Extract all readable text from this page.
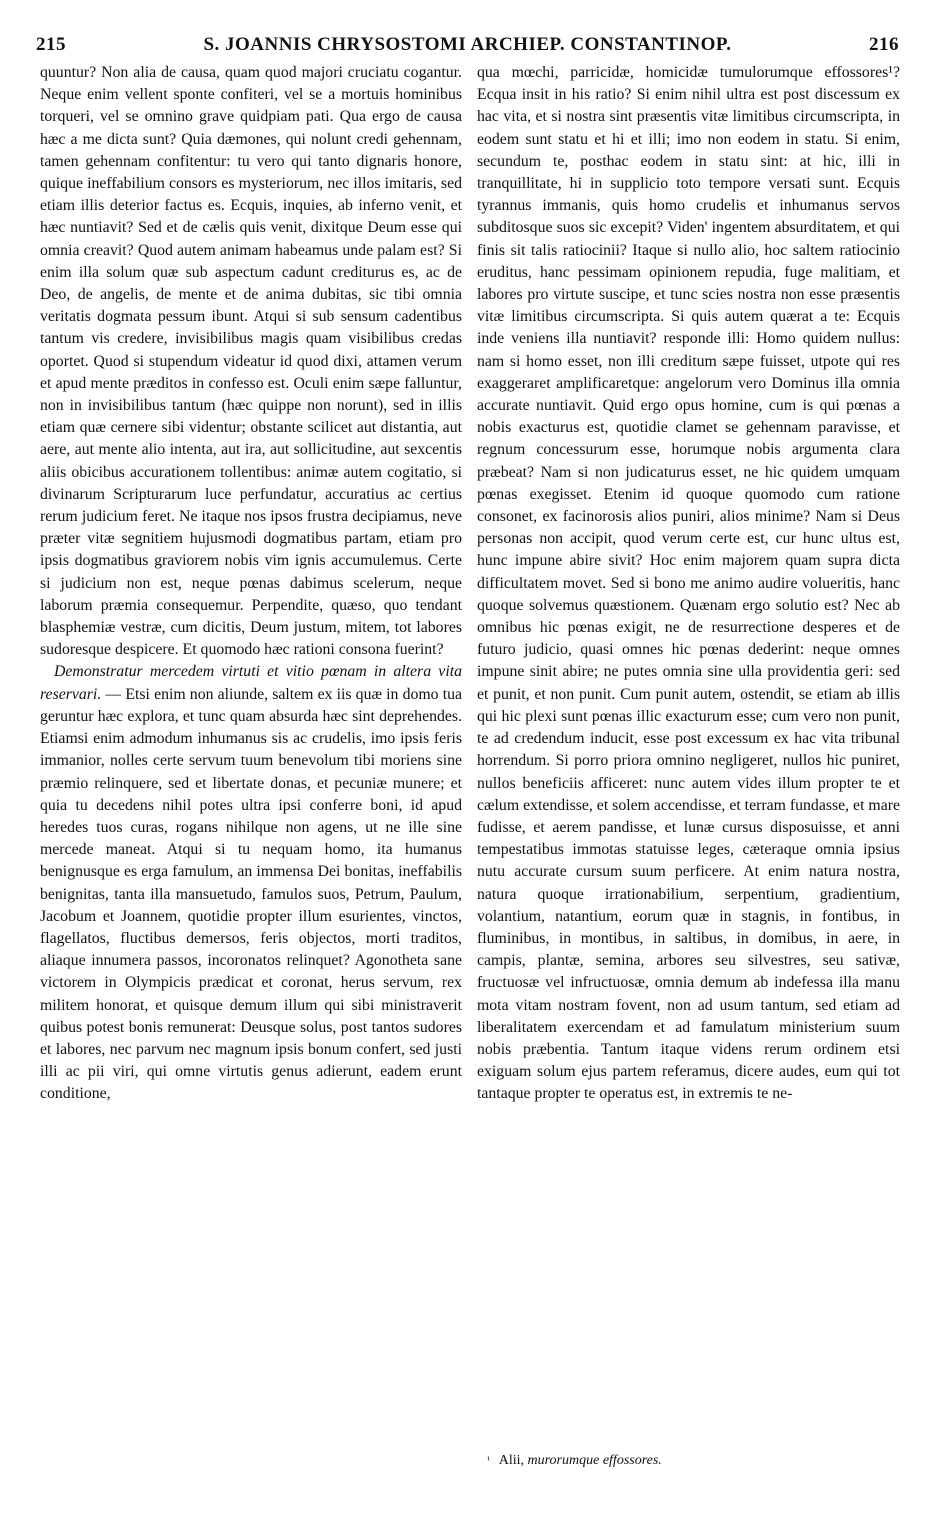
215	S. JOANNIS CHRYSOSTOMI ARCHIEP. CONSTANTINOP.	216

quuntur? Non alia de causa, quam quod majori cruciatu cogantur. Neque enim vellent sponte confiteri, vel se a mortuis hominibus torqueri, vel se omnino grave quidpiam pati. Qua ergo de causa hæc a me dicta sunt? Quia dæmones, qui nolunt credi gehennam, tamen gehennam confitentur: tu vero qui tanto dignaris honore, quique ineffabilium consors es mysteriorum, nec illos imitaris, sed etiam illis deterior factus es. Ecquis, inquies, ab inferno venit, et hæc nuntiavit? Sed et de cælis quis venit, dixitque Deum esse qui omnia creavit? Quod autem animam habeamus unde palam est? Si enim illa solum quæ sub aspectum cadunt crediturus es, ac de Deo, de angelis, de mente et de anima dubitas, sic tibi omnia veritatis dogmata pessum ibunt. Atqui si sub sensum cadentibus tantum vis credere, invisibilibus magis quam visibilibus credas oportet. Quod si stupendum videatur id quod dixi, attamen verum et apud mente præditos in confesso est. Oculi enim sæpe falluntur, non in invisibilibus tantum (hæc quippe non norunt), sed in illis etiam quæ cernere sibi videntur; obstante scilicet aut distantia, aut aere, aut mente alio intenta, aut ira, aut sollicitudine, aut sexcentis aliis obicibus accurationem tollentibus: animæ autem cogitatio, si divinarum Scripturarum luce perfundatur, accuratius ac certius rerum judicium feret. Ne itaque nos ipsos frustra decipiamus, neve præter vitæ segnitiem hujusmodi dogmatibus partam, etiam pro ipsis dogmatibus graviorem nobis vim ignis accumulemus. Certe si judicium non est, neque pœnas dabimus scelerum, neque laborum præmia consequemur. Perpendite, quæso, quo tendant blasphemiæ vestræ, cum dicitis, Deum justum, mitem, tot labores sudoresque despicere. Et quomodo hæc rationi consona fuerint?

Demonstratur mercedem virtuti et vitio pœnam in altera vita reservari. — Etsi enim non aliunde, saltem ex iis quæ in domo tua geruntur hæc explora, et tunc quam absurda hæc sint deprehendes. Etiamsi enim admodum inhumanus sis ac crudelis, imo ipsis feris immanior, nolles certe servum tuum benevolum tibi moriens sine præmio relinquere, sed et libertate donas, et pecuniæ munere; et quia tu decedens nihil potes ultra ipsi conferre boni, id apud heredes tuos curas, rogans nihilque non agens, ut ne ille sine mercede maneat. Atqui si tu nequam homo, ita humanus benignusque es erga famulum, an immensa Dei bonitas, ineffabilis benignitas, tanta illa mansuetudo, famulos suos, Petrum, Paulum, Jacobum et Joannem, quotidie propter illum esurientes, vinctos, flagellatos, fluctibus demersos, feris objectos, morti traditos, aliaque innumera passos, incoronatos relinquet? Agonotheta sane victorem in Olympicis prædicat et coronat, herus servum, rex militem honorat, et quisque demum illum qui sibi ministraverit quibus potest bonis remunerat: Deusque solus, post tantos sudores et labores, nec parvum nec magnum ipsis bonum confert, sed justi illi ac pii viri, qui omne virtutis genus adierunt, eadem erunt conditione,

qua mœchi, parricidæ, homicidæ tumulorumque effossores¹? Ecqua insit in his ratio? Si enim nihil ultra est post discessum ex hac vita, et si nostra sint præsentis vitæ limitibus circumscripta, in eodem sunt statu et hi et illi; imo non eodem in statu. Si enim, secundum te, posthac eodem in statu sint: at hic, illi in tranquillitate, hi in supplicio toto tempore versati sunt. Ecquis tyrannus immanis, quis homo crudelis et inhumanus servos subditosque suos sic excepit? Viden' ingentem absurditatem, et qui finis sit talis ratiocinii? Itaque si nullo alio, hoc saltem ratiocinio eruditus, hanc pessimam opinionem repudia, fuge malitiam, et labores pro virtute suscipe, et tunc scies nostra non esse præsentis vitæ limitibus circumscripta. Si quis autem quærat a te: Ecquis inde veniens illa nuntiavit? responde illi: Homo quidem nullus: nam si homo esset, non illi creditum sæpe fuisset, utpote qui res exaggeraret amplificaretque: angelorum vero Dominus illa omnia accurate nuntiavit. Quid ergo opus homine, cum is qui pœnas a nobis exacturus est, quotidie clamet se gehennam paravisse, et regnum concessurum esse, horumque nobis argumenta clara præbeat? Nam si non judicaturus esset, ne hic quidem umquam pœnas exegisset. Etenim id quoque quomodo cum ratione consonet, ex facinorosis alios puniri, alios minime? Nam si Deus personas non accipit, quod verum certe est, cur hunc ultus est, hunc impune abire sivit? Hoc enim majorem quam supra dicta difficultatem movet. Sed si bono me animo audire volueritis, hanc quoque solvemus quæstionem. Quænam ergo solutio est? Nec ab omnibus hic pœnas exigit, ne de resurrectione desperes et de futuro judicio, quasi omnes hic pœnas dederint: neque omnes impune sinit abire; ne putes omnia sine ulla providentia geri: sed et punit, et non punit. Cum punit autem, ostendit, se etiam ab illis qui hic plexi sunt pœnas illic exacturum esse; cum vero non punit, te ad credendum inducit, esse post excessum ex hac vita tribunal horrendum. Si porro priora omnino negligeret, nullos hic puniret, nullos beneficiis afficeret: nunc autem vides illum propter te et cælum extendisse, et solem accendisse, et terram fundasse, et mare fudisse, et aerem pandisse, et lunæ cursus disposuisse, et anni tempestatibus immotas statuisse leges, cæteraque omnia ipsius nutu accurate cursum suum perficere. At enim natura nostra, natura quoque irrationabilium, serpentium, gradientium, volantium, natantium, eorum quæ in stagnis, in fontibus, in fluminibus, in montibus, in saltibus, in domibus, in aere, in campis, plantæ, semina, arbores seu silvestres, seu sativæ, fructuosæ vel infructuosæ, omnia demum ab indefessa illa manu mota vitam nostram fovent, non ad usum tantum, sed etiam ad liberalitatem exercendam et ad famulatum ministerium suum nobis præbentia. Tantum itaque videns rerum ordinem etsi exiguam solum ejus partem referamus, dicere audes, eum qui tot tantaque propter te operatus est, in extremis te ne-

$^{^1}$ Alii, murorumque effossores.
